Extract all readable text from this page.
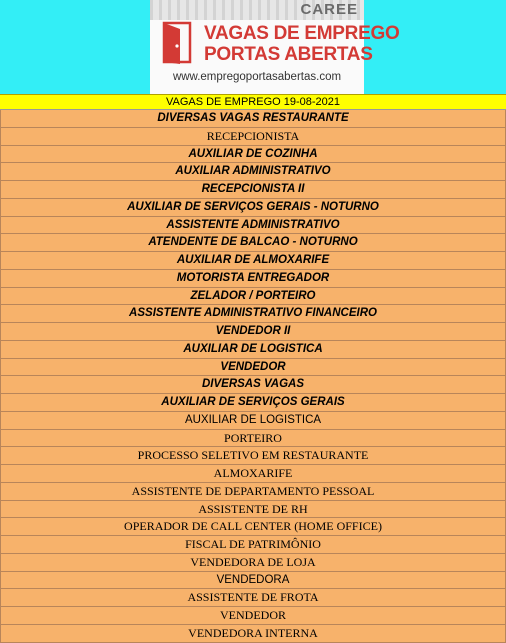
CAREE
VAGAS DE EMPREGO
PORTAS ABERTAS
www.empregoportasabertas.com
VAGAS DE EMPREGO 19-08-2021
DIVERSAS VAGAS RESTAURANTE
RECEPCIONISTA
AUXILIAR DE COZINHA
AUXILIAR ADMINISTRATIVO
RECEPCIONISTA II
AUXILIAR DE SERVIÇOS GERAIS - NOTURNO
ASSISTENTE ADMINISTRATIVO
ATENDENTE DE BALCAO - NOTURNO
AUXILIAR DE ALMOXARIFE
MOTORISTA ENTREGADOR
ZELADOR / PORTEIRO
ASSISTENTE ADMINISTRATIVO FINANCEIRO
VENDEDOR II
AUXILIAR DE LOGISTICA
VENDEDOR
DIVERSAS VAGAS
AUXILIAR DE SERVIÇOS GERAIS
AUXILIAR DE LOGISTICA
PORTEIRO
PROCESSO SELETIVO EM RESTAURANTE
ALMOXARIFE
ASSISTENTE DE DEPARTAMENTO PESSOAL
ASSISTENTE DE RH
OPERADOR DE CALL CENTER (HOME OFFICE)
FISCAL DE PATRIMÔNIO
VENDEDORA DE LOJA
VENDEDORA
ASSISTENTE DE FROTA
VENDEDOR
VENDEDORA INTERNA
